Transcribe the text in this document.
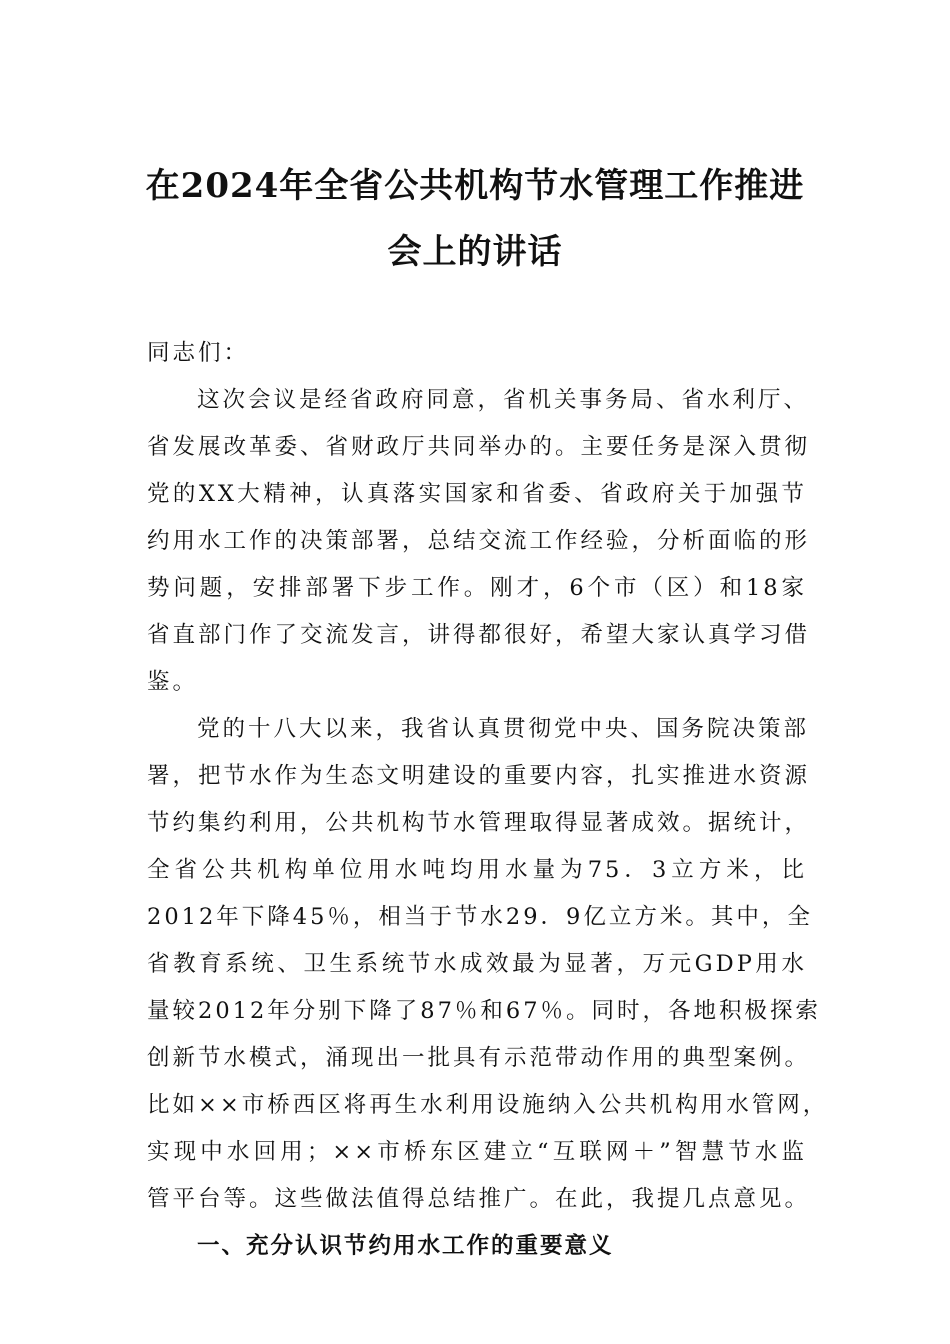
在2024年全省公共机构节水管理工作推进
会上的讲话
同志们：
这次会议是经省政府同意，省机关事务局、省水利厅、
省发展改革委、省财政厅共同举办的。主要任务是深入贯彻
党的XX大精神，认真落实国家和省委、省政府关于加强节
约用水工作的决策部署，总结交流工作经验，分析面临的形
势问题，安排部署下步工作。刚才，6个市（区）和18家
省直部门作了交流发言，讲得都很好，希望大家认真学习借
鉴。
党的十八大以来，我省认真贯彻党中央、国务院决策部
署，把节水作为生态文明建设的重要内容，扎实推进水资源
节约集约利用，公共机构节水管理取得显著成效。据统计，
全省公共机构单位用水吨均用水量为75．3立方米，比
2012年下降45％，相当于节水29．9亿立方米。其中，全
省教育系统、卫生系统节水成效最为显著，万元GDP用水
量较2012年分别下降了87％和67％。同时，各地积极探索
创新节水模式，涌现出一批具有示范带动作用的典型案例。
比如××市桥西区将再生水利用设施纳入公共机构用水管网，
实现中水回用；××市桥东区建立“互联网＋”智慧节水监
管平台等。这些做法值得总结推广。在此，我提几点意见。
一、充分认识节约用水工作的重要意义
